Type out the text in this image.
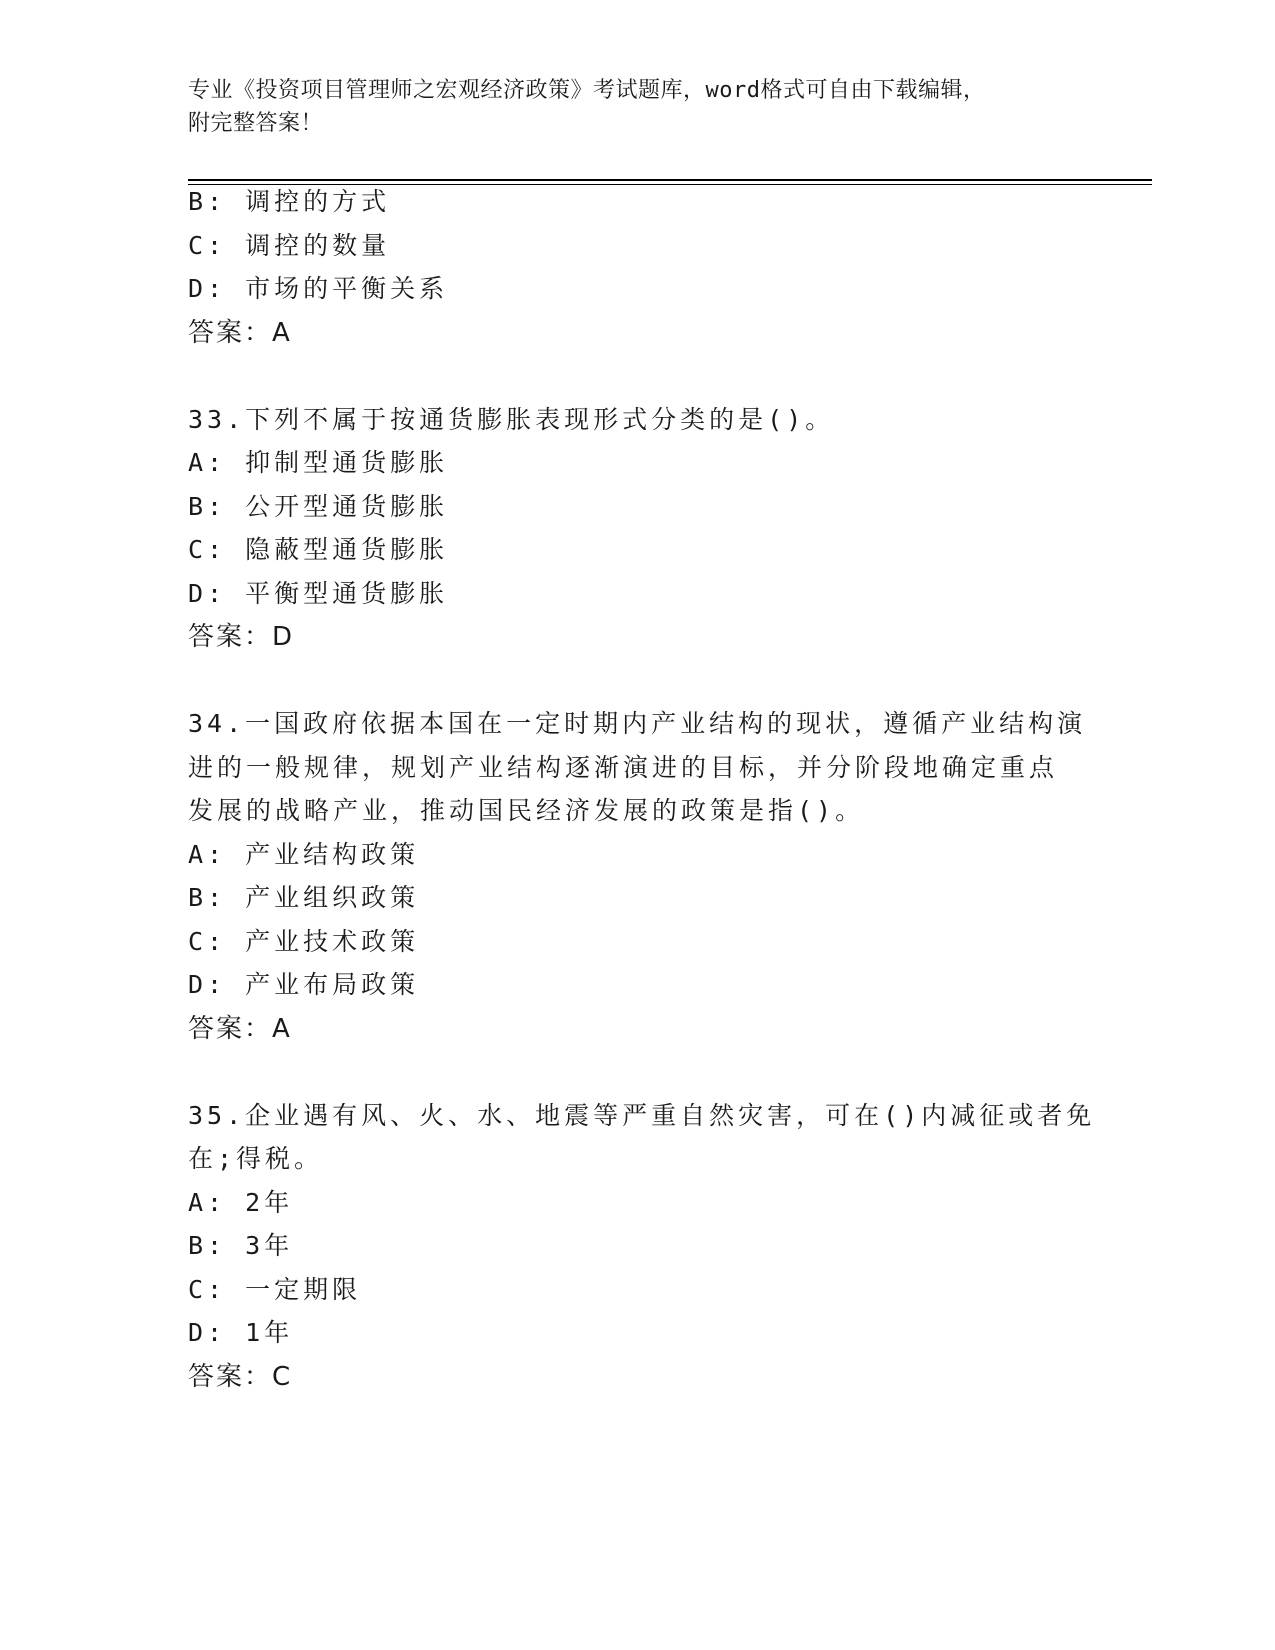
专业《投资项目管理师之宏观经济政策》考试题库，word格式可自由下载编辑，
附完整答案！
B: 调控的方式
C: 调控的数量
D: 市场的平衡关系
答案：A
33.下列不属于按通货膨胀表现形式分类的是()。
A: 抑制型通货膨胀
B: 公开型通货膨胀
C: 隐蔽型通货膨胀
D: 平衡型通货膨胀
答案：D
34.一国政府依据本国在一定时期内产业结构的现状，遵循产业结构演
进的一般规律，规划产业结构逐渐演进的目标，并分阶段地确定重点
发展的战略产业，推动国民经济发展的政策是指()。
A: 产业结构政策
B: 产业组织政策
C: 产业技术政策
D: 产业布局政策
答案：A
35.企业遇有风、火、水、地震等严重自然灾害，可在()内减征或者免
在;得税。
A: 2年
B: 3年
C: 一定期限
D: 1年
答案：C
